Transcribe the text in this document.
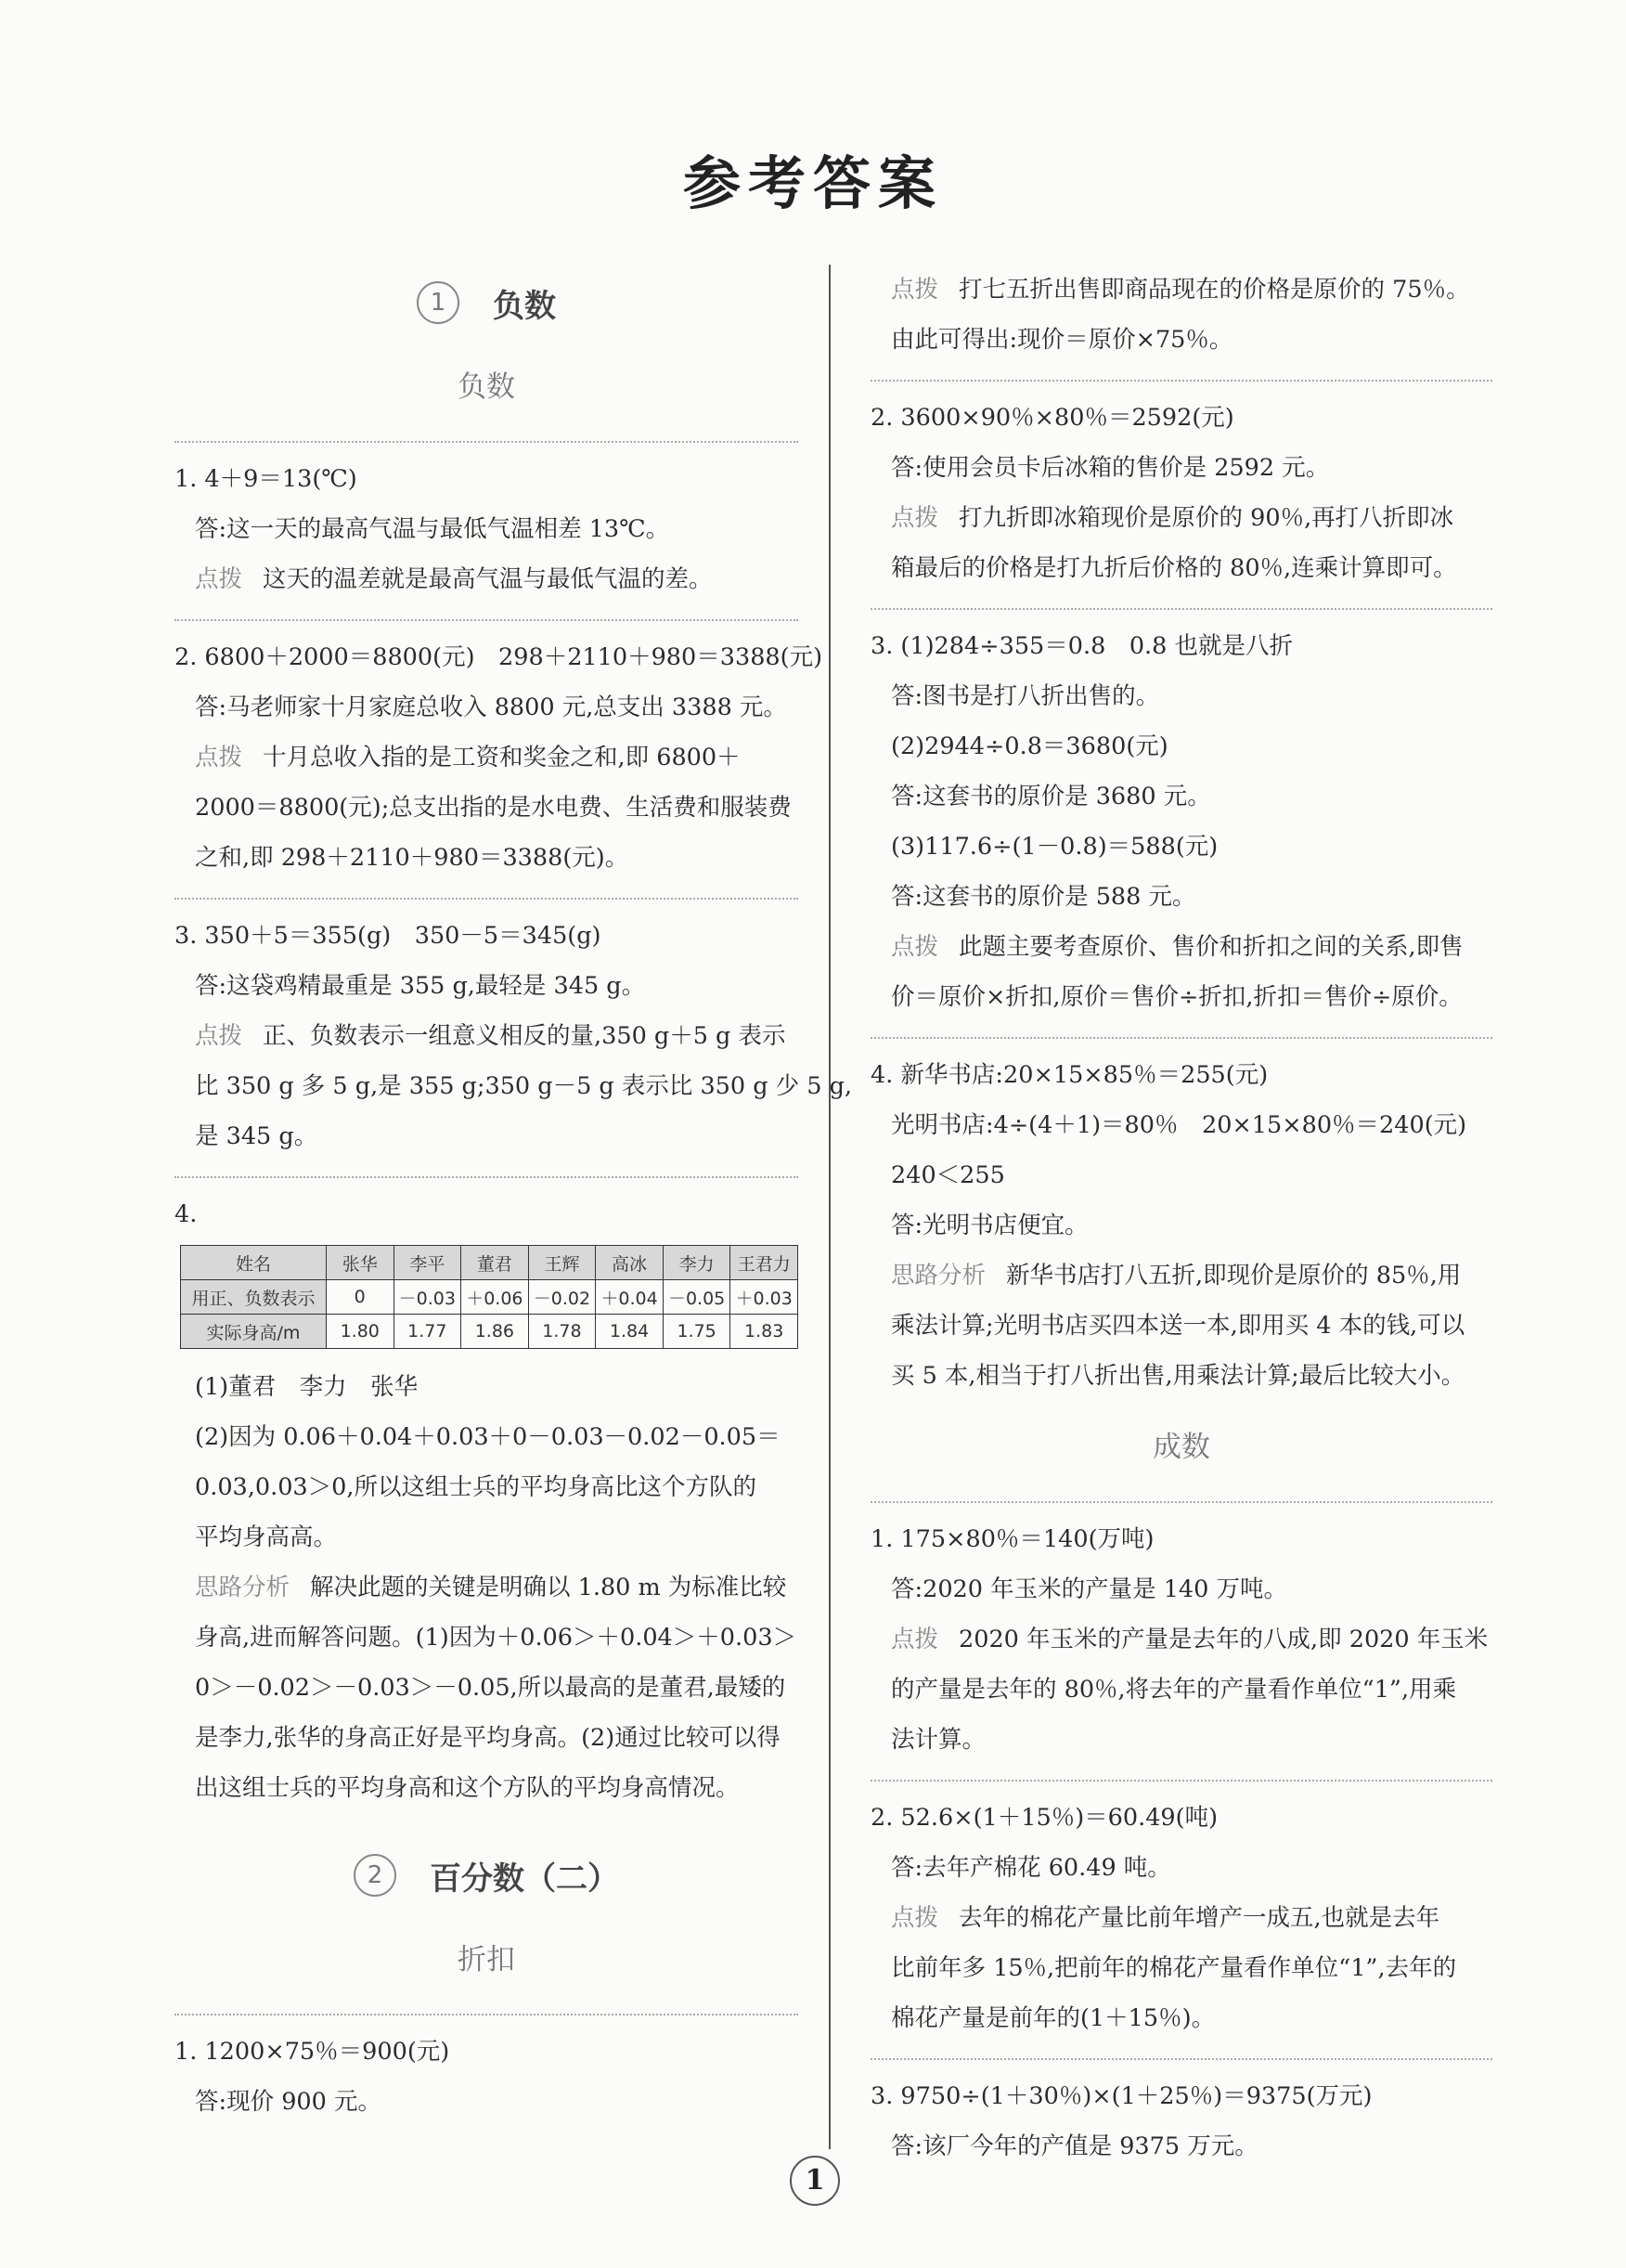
参考答案
1	负数
负数
1. 4＋9＝13(℃)
答:这一天的最高气温与最低气温相差 13℃。
点拨 这天的温差就是最高气温与最低气温的差。
2. 6800＋2000＝8800(元)　298＋2110＋980＝3388(元)
答:马老师家十月家庭总收入 8800 元,总支出 3388 元。
点拨 十月总收入指的是工资和奖金之和,即 6800＋
2000＝8800(元);总支出指的是水电费、生活费和服装费
之和,即 298＋2110＋980＝3388(元)。
3. 350＋5＝355(g)　350－5＝345(g)
答:这袋鸡精最重是 355 g,最轻是 345 g。
点拨 正、负数表示一组意义相反的量,350 g＋5 g 表示
比 350 g 多 5 g,是 355 g;350 g－5 g 表示比 350 g 少 5 g,
是 345 g。
4.
姓名	张华	李平	董君	王辉	高冰	李力	王君力
用正、负数表示	0	－0.03	＋0.06	－0.02	＋0.04	－0.05	＋0.03
实际身高/m	1.80	1.77	1.86	1.78	1.84	1.75	1.83
(1)董君　李力　张华
(2)因为 0.06＋0.04＋0.03＋0－0.03－0.02－0.05＝
0.03,0.03＞0,所以这组士兵的平均身高比这个方队的
平均身高高。
思路分析 解决此题的关键是明确以 1.80 m 为标准比较
身高,进而解答问题。(1)因为＋0.06＞＋0.04＞＋0.03＞
0＞－0.02＞－0.03＞－0.05,所以最高的是董君,最矮的
是李力,张华的身高正好是平均身高。(2)通过比较可以得
出这组士兵的平均身高和这个方队的平均身高情况。
2	百分数（二）
折扣
1. 1200×75％＝900(元)
答:现价 900 元。
点拨 打七五折出售即商品现在的价格是原价的 75％。
由此可得出:现价＝原价×75％。
2. 3600×90％×80％＝2592(元)
答:使用会员卡后冰箱的售价是 2592 元。
点拨 打九折即冰箱现价是原价的 90％,再打八折即冰
箱最后的价格是打九折后价格的 80％,连乘计算即可。
3. (1)284÷355＝0.8　0.8 也就是八折
答:图书是打八折出售的。
(2)2944÷0.8＝3680(元)
答:这套书的原价是 3680 元。
(3)117.6÷(1－0.8)＝588(元)
答:这套书的原价是 588 元。
点拨 此题主要考查原价、售价和折扣之间的关系,即售
价＝原价×折扣,原价＝售价÷折扣,折扣＝售价÷原价。
4. 新华书店:20×15×85％＝255(元)
光明书店:4÷(4＋1)＝80％　20×15×80％＝240(元)
240＜255
答:光明书店便宜。
思路分析 新华书店打八五折,即现价是原价的 85％,用
乘法计算;光明书店买四本送一本,即用买 4 本的钱,可以
买 5 本,相当于打八折出售,用乘法计算;最后比较大小。
成数
1. 175×80％＝140(万吨)
答:2020 年玉米的产量是 140 万吨。
点拨 2020 年玉米的产量是去年的八成,即 2020 年玉米
的产量是去年的 80％,将去年的产量看作单位“1”,用乘
法计算。
2. 52.6×(1＋15％)＝60.49(吨)
答:去年产棉花 60.49 吨。
点拨 去年的棉花产量比前年增产一成五,也就是去年
比前年多 15％,把前年的棉花产量看作单位“1”,去年的
棉花产量是前年的(1＋15％)。
3. 9750÷(1＋30％)×(1＋25％)＝9375(万元)
答:该厂今年的产值是 9375 万元。
1
